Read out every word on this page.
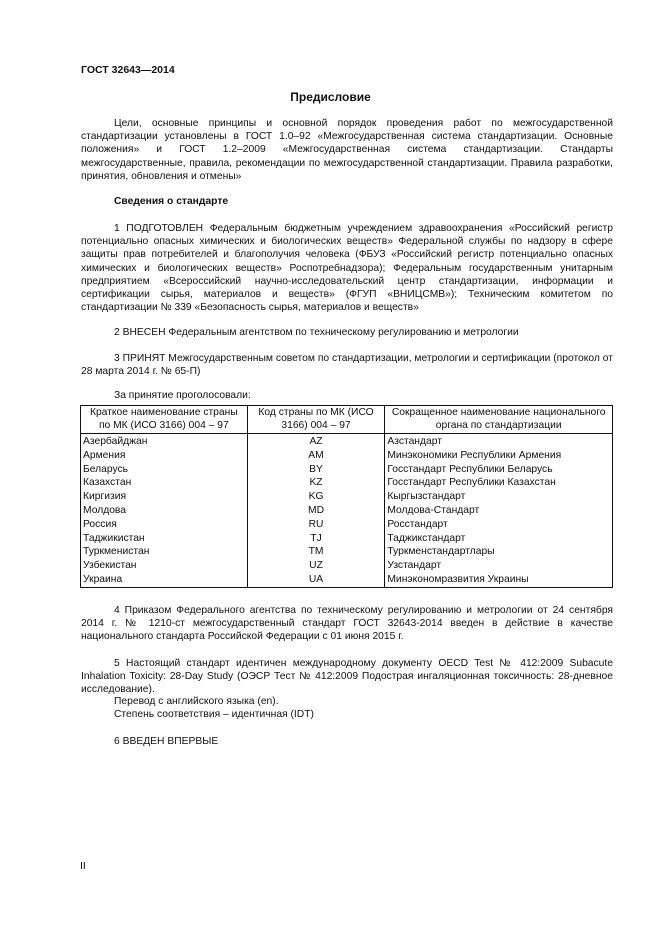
ГОСТ 32643—2014
Предисловие

Цели, основные принципы и основной порядок проведения работ по межгосударственной стандартизации установлены в ГОСТ 1.0–92 «Межгосударственная система стандартизации. Основные положения» и ГОСТ 1.2–2009 «Межгосударственная система стандартизации. Стандарты межгосударственные, правила, рекомендации по межгосударственной стандартизации. Правила разработки, принятия, обновления и отмены»

Сведения о стандарте

1 ПОДГОТОВЛЕН Федеральным бюджетным учреждением здравоохранения «Российский регистр потенциально опасных химических и биологических веществ» Федеральной службы по надзору в сфере защиты прав потребителей и благополучия человека (ФБУЗ «Российский регистр потенциально опасных химических и биологических веществ» Роспотребнадзора); Федеральным государственным унитарным предприятием «Всероссийский научно-исследовательский центр стандартизации, информации и сертификации сырья, материалов и веществ» (ФГУП «ВНИЦСМВ»); Техническим комитетом по стандартизации № 339 «Безопасность сырья, материалов и веществ»

2 ВНЕСЕН Федеральным агентством по техническому регулированию и метрологии

3 ПРИНЯТ Межгосударственным советом по стандартизации, метрологии и сертификации (протокол от 28 марта 2014 г. № 65-П)

За принятие проголосовали:
Краткое наименование страны по МК (ИСО 3166) 004 – 97	Код страны по МК (ИСО 3166) 004 – 97	Сокращенное наименование национального органа по стандартизации
Азербайджан	AZ	Азстандарт
Армения	AM	Минэкономики Республики Армения
Беларусь	BY	Госстандарт Республики Беларусь
Казахстан	KZ	Госстандарт Республики Казахстан
Киргизия	KG	Кыргызстандарт
Молдова	MD	Молдова-Стандарт
Россия	RU	Росстандарт
Таджикистан	TJ	Таджикстандарт
Туркменистан	TM	Туркменстандартлары
Узбекистан	UZ	Узстандарт
Украина	UA	Минэкономразвития Украины

4 Приказом Федерального агентства по техническому регулированию и метрологии от 24 сентября 2014 г. № 1210-ст межгосударственный стандарт ГОСТ 32643-2014 введен в действие в качестве национального стандарта Российской Федерации с 01 июня 2015 г.

5 Настоящий стандарт идентичен международному документу OECD Test № 412:2009 Subacute Inhalation Toxicity: 28-Day Study (ОЭСР Тест № 412:2009 Подострая ингаляционная токсичность: 28-дневное исследование).

Перевод с английского языка (en).
Степень соответствия – идентичная (IDT)
6 ВВЕДЕН ВПЕРВЫЕ
II
